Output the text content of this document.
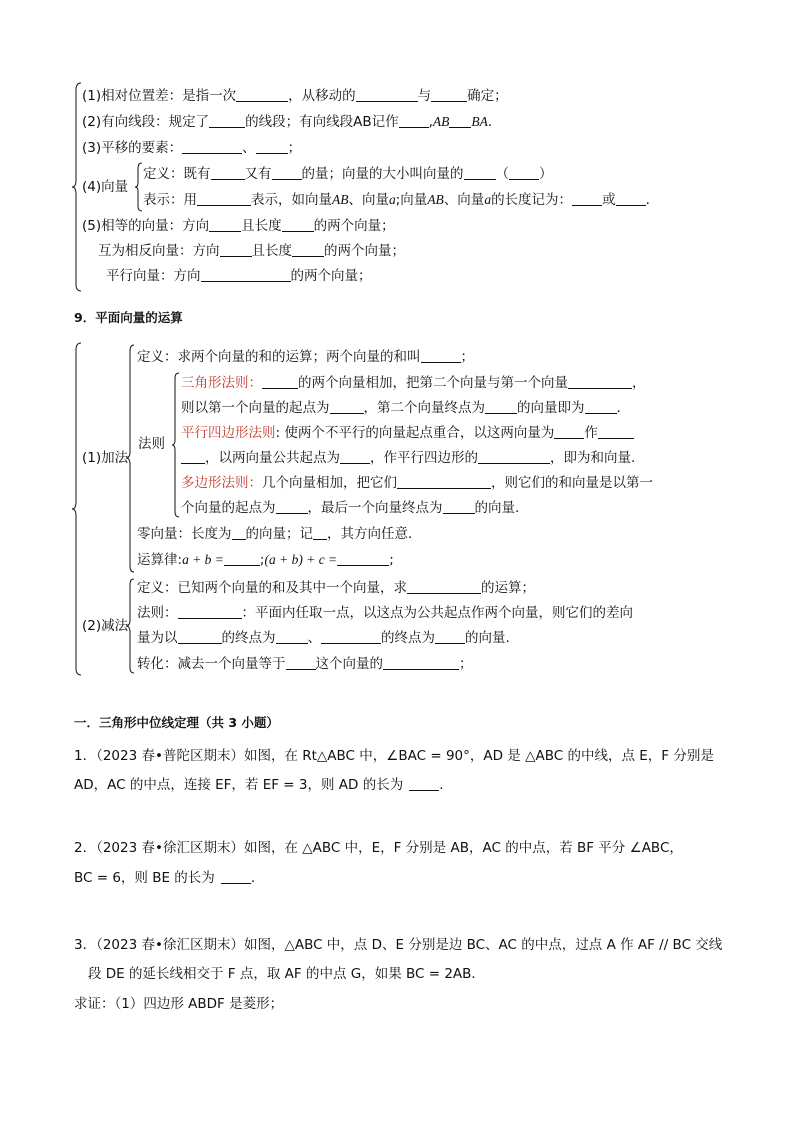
(1)相对位置差：是指一次	，从移动的	与	确定；
(2)有向线段：规定了	的线段；有向线段AB记作 ,AB BA.
(3)平移的要素：	、 ；
(4)向量
定义：既有	又有 的量；向量的大小叫向量的 （ ）
表示：用	表示，如向量AB、向量a;向量AB、向量a的长度记为： 或 .
(5)相等的向量：方向 且长度 的两个向量；
互为相反向量：方向 且长度 的两个向量；
平行向量：方向	的两个向量；
9．平面向量的运算
(1)加法
定义：求两个向量的和的运算；两个向量的和叫	；
法则
三角形法则：	的两个向量相加，把第二个向量与第一个向量	，
则以第一个向量的起点为	，第二个向量终点为 的向量即为 .
平行四边形法则: 使两个不平行的向量起点重合，以这两向量为 作
，以两向量公共起点为 ，作平行四边形的	，即为和向量.
多边形法则：几个向量相加，把它们	，则它们的和向量是以第一
个向量的起点为 ，最后一个向量终点为 的向量.
零向量：长度为 的向量；记 ，其方向任意.
运算律:a + b =	;(a + b) + c =	;
(2)减法
定义：已知两个向量的和及其中一个向量，求	的运算；
法则：	：平面内任取一点，以这点为公共起点作两个向量，则它们的差向
量为以	的终点为 、	的终点为 的向量.
转化：减去一个向量等于 这个向量的	；
一．三角形中位线定理（共 3 小题）
1．（2023 春•普陀区期末）如图，在 Rt△ABC 中，∠BAC = 90°，AD 是 △ABC 的中线，点 E，F 分别是
AD，AC 的中点，连接 EF，若 EF = 3，则 AD 的长为	.
2．（2023 春•徐汇区期末）如图，在 △ABC 中，E，F 分别是 AB，AC 的中点，若 BF 平分 ∠ABC，
BC = 6，则 BE 的长为	.
3．（2023 春•徐汇区期末）如图，△ABC 中，点 D、E 分别是边 BC、AC 的中点，过点 A 作 AF // BC 交线
段 DE 的延长线相交于 F 点，取 AF 的中点 G，如果 BC = 2AB．
求证：（1）四边形 ABDF 是菱形；
